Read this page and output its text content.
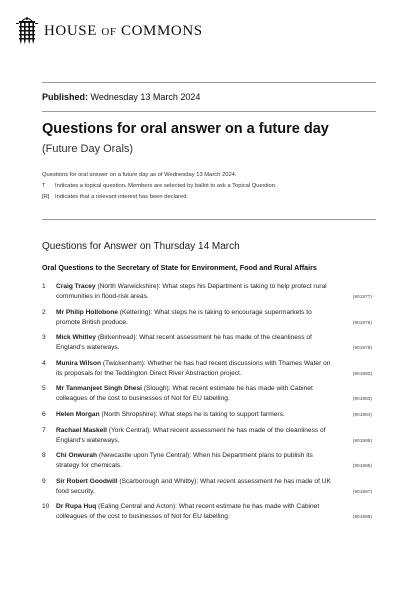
HOUSE OF COMMONS
Published: Wednesday 13 March 2024
Questions for oral answer on a future day
(Future Day Orals)
Questions for oral answer on a future day as of Wednesday 13 March 2024.
T	Indicates a topical question. Members are selected by ballot to ask a Topical Question.
[R] Indicates that a relevant interest has been declared.
Questions for Answer on Thursday 14 March
Oral Questions to the Secretary of State for Environment, Food and Rural Affairs
1	Craig Tracey (North Warwickshire): What steps his Department is taking to help protect rural communities in flood-risk areas.	(901977)
2	Mr Philip Hollobone (Kettering): What steps he is taking to encourage supermarkets to promote British produce.	(901978)
3	Mick Whitley (Birkenhead): What recent assessment he has made of the cleanliness of England's waterways.	(901979)
4	Munira Wilson (Twickenham): Whether he has had recent discussions with Thames Water on its proposals for the Teddington Direct River Abstraction project.	(901982)
5	Mr Tanmanjeet Singh Dhesi (Slough): What recent estimate he has made with Cabinet colleagues of the cost to businesses of Not for EU labelling.	(901983)
6	Helen Morgan (North Shropshire): What steps he is taking to support farmers.	(901984)
7	Rachael Maskell (York Central): What recent assessment he has made of the cleanliness of England's waterways.	(901985)
8	Chi Onwurah (Newcastle upon Tyne Central): When his Department plans to publish its strategy for chemicals.	(901986)
9	Sir Robert Goodwill (Scarborough and Whitby): What recent assessment he has made of UK food security.	(901987)
10	Dr Rupa Huq (Ealing Central and Acton): What recent estimate he has made with Cabinet colleagues of the cost to businesses of Not for EU labelling.	(901988)
